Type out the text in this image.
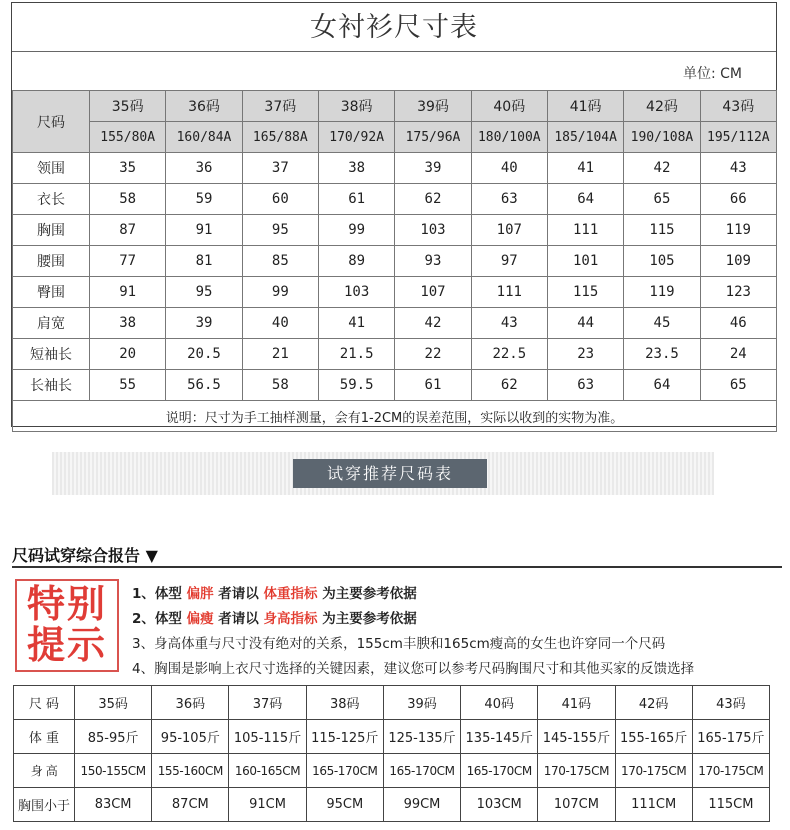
女衬衫尺寸表
单位: CM
尺码	35码	36码	37码	38码	39码	40码	41码	42码	43码
	155/80A	160/84A	165/88A	170/92A	175/96A	180/100A	185/104A	190/108A	195/112A
领围	35	36	37	38	39	40	41	42	43
衣长	58	59	60	61	62	63	64	65	66
胸围	87	91	95	99	103	107	111	115	119
腰围	77	81	85	89	93	97	101	105	109
臀围	91	95	99	103	107	111	115	119	123
肩宽	38	39	40	41	42	43	44	45	46
短袖长	20	20.5	21	21.5	22	22.5	23	23.5	24
长袖长	55	56.5	58	59.5	61	62	63	64	65
说明：尺寸为手工抽样测量，会有1-2CM的误差范围，实际以收到的实物为准。									
试穿推荐尺码表
尺码试穿综合报告 ▼
特别
提示
1、体型 偏胖 者请以 体重指标 为主要参考依据
2、体型 偏瘦 者请以 身高指标 为主要参考依据
3、身高体重与尺寸没有绝对的关系，155cm丰腴和165cm瘦高的女生也许穿同一个尺码
4、胸围是影响上衣尺寸选择的关键因素，建议您可以参考尺码胸围尺寸和其他买家的反馈选择
尺 码	35码	36码	37码	38码	39码	40码	41码	42码	43码
体 重	85-95斤	95-105斤	105-115斤	115-125斤	125-135斤	135-145斤	145-155斤	155-165斤	165-175斤
身 高	150-155CM	155-160CM	160-165CM	165-170CM	165-170CM	165-170CM	170-175CM	170-175CM	170-175CM
胸围小于	83CM	87CM	91CM	95CM	99CM	103CM	107CM	111CM	115CM
